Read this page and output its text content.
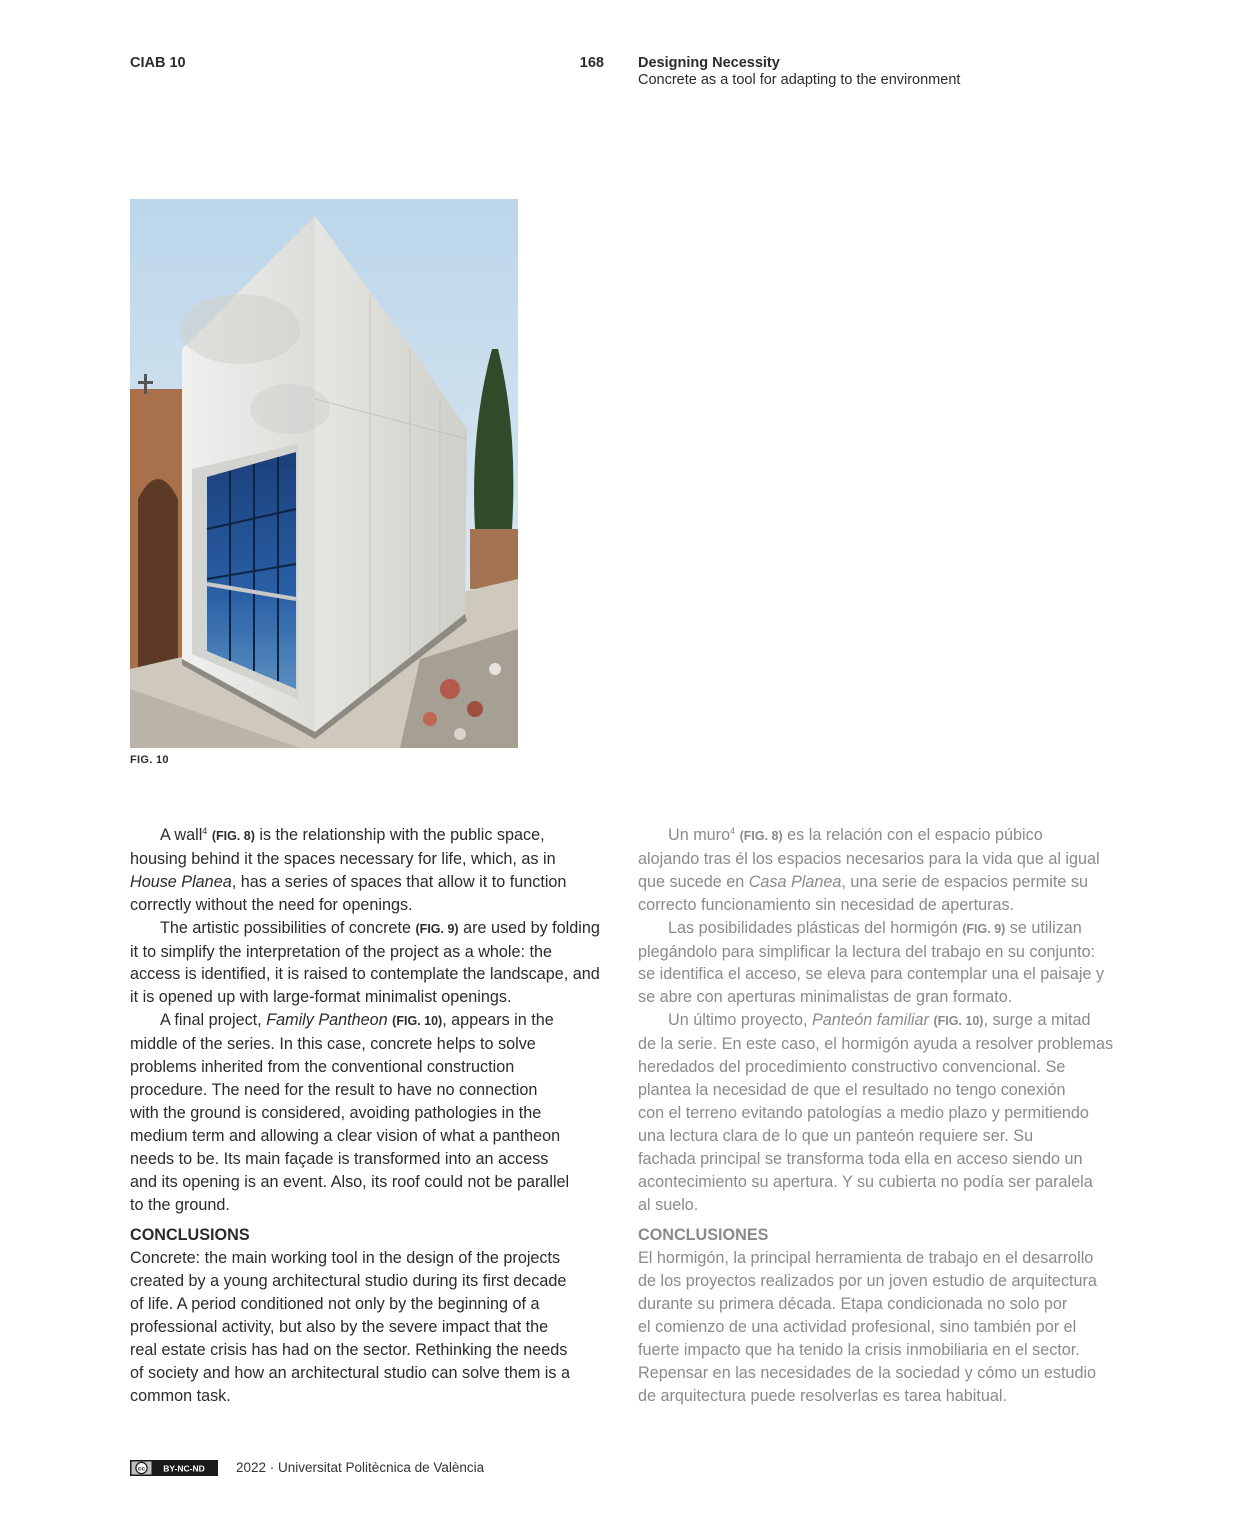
CIAB 10	168 Designing Necessity
Concrete as a tool for adapting to the environment
FIG. 10

A wall$^4$ (FIG. 8) is the relationship with the public space,

housing behind it the spaces necessary for life, which, as in
House Planea, has a series of spaces that allow it to function
correctly without the need for openings.

The artistic possibilities of concrete (FIG. 9) are used by folding

it to simplify the interpretation of the project as a whole: the
access is identified, it is raised to contemplate the landscape, and
it is opened up with large-format minimalist openings.

A final project, Family Pantheon (FIG. 10), appears in the

middle of the series. In this case, concrete helps to solve
problems inherited from the conventional construction
procedure. The need for the result to have no connection
with the ground is considered, avoiding pathologies in the
medium term and allowing a clear vision of what a pantheon
needs to be. Its main façade is transformed into an access
and its opening is an event. Also, its roof could not be parallel
to the ground.

CONCLUSIONS

Concrete: the main working tool in the design of the projects
created by a young architectural studio during its first decade
of life. A period conditioned not only by the beginning of a
professional activity, but also by the severe impact that the
real estate crisis has had on the sector. Rethinking the needs
of society and how an architectural studio can solve them is a
common task.

Un muro$^4$ (FIG. 8) es la relación con el espacio púbico

alojando tras él los espacios necesarios para la vida que al igual
que sucede en Casa Planea, una serie de espacios permite su
correcto funcionamiento sin necesidad de aperturas.

Las posibilidades plásticas del hormigón (FIG. 9) se utilizan

plegándolo para simplificar la lectura del trabajo en su conjunto:
se identifica el acceso, se eleva para contemplar una el paisaje y
se abre con aperturas minimalistas de gran formato.

Un último proyecto, Panteón familiar (FIG. 10), surge a mitad

de la serie. En este caso, el hormigón ayuda a resolver problemas
heredados del procedimiento constructivo convencional. Se
plantea la necesidad de que el resultado no tengo conexión
con el terreno evitando patologías a medio plazo y permitiendo
una lectura clara de lo que un panteón requiere ser. Su
fachada principal se transforma toda ella en acceso siendo un
acontecimiento su apertura. Y su cubierta no podía ser paralela
al suelo.

CONCLUSIONES

El hormigón, la principal herramienta de trabajo en el desarrollo
de los proyectos realizados por un joven estudio de arquitectura
durante su primera década. Etapa condicionada no solo por
el comienzo de una actividad profesional, sino también por el
fuerte impacto que ha tenido la crisis inmobiliaria en el sector.
Repensar en las necesidades de la sociedad y cómo un estudio
de arquitectura puede resolverlas es tarea habitual.

cc BY-NC-ND 2022 · Universitat Politècnica de València
